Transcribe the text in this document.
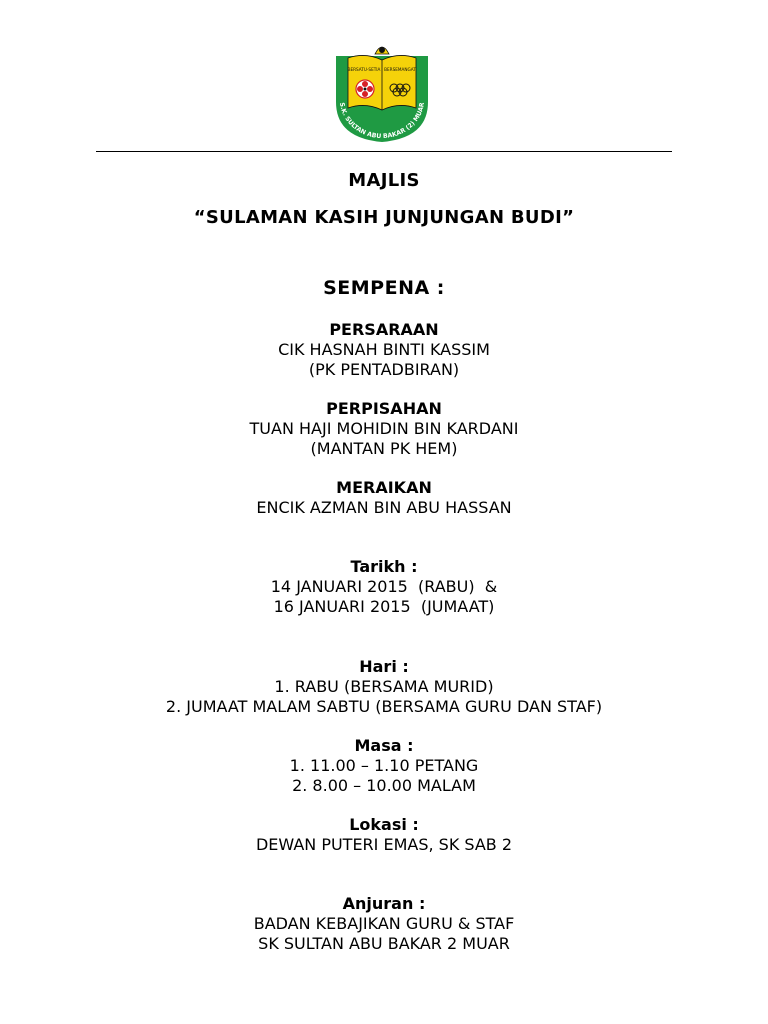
BERSATU-SETIA BERSEMANGAT
S.K. SULTAN ABU BAKAR (2) MUAR
MAJLIS
“SULAMAN KASIH JUNJUNGAN BUDI”
SEMPENA :
PERSARAAN
CIK HASNAH BINTI KASSIM
(PK PENTADBIRAN)
PERPISAHAN
TUAN HAJI MOHIDIN BIN KARDANI
(MANTAN PK HEM)
MERAIKAN
ENCIK AZMAN BIN ABU HASSAN
Tarikh :
14 JANUARI 2015  (RABU)  &
16 JANUARI 2015  (JUMAAT)
Hari :
1. RABU (BERSAMA MURID)
2. JUMAAT MALAM SABTU (BERSAMA GURU DAN STAF)
Masa :
1. 11.00 – 1.10 PETANG
2. 8.00 – 10.00 MALAM
Lokasi :
DEWAN PUTERI EMAS, SK SAB 2
Anjuran :
BADAN KEBAJIKAN GURU & STAF
SK SULTAN ABU BAKAR 2 MUAR
